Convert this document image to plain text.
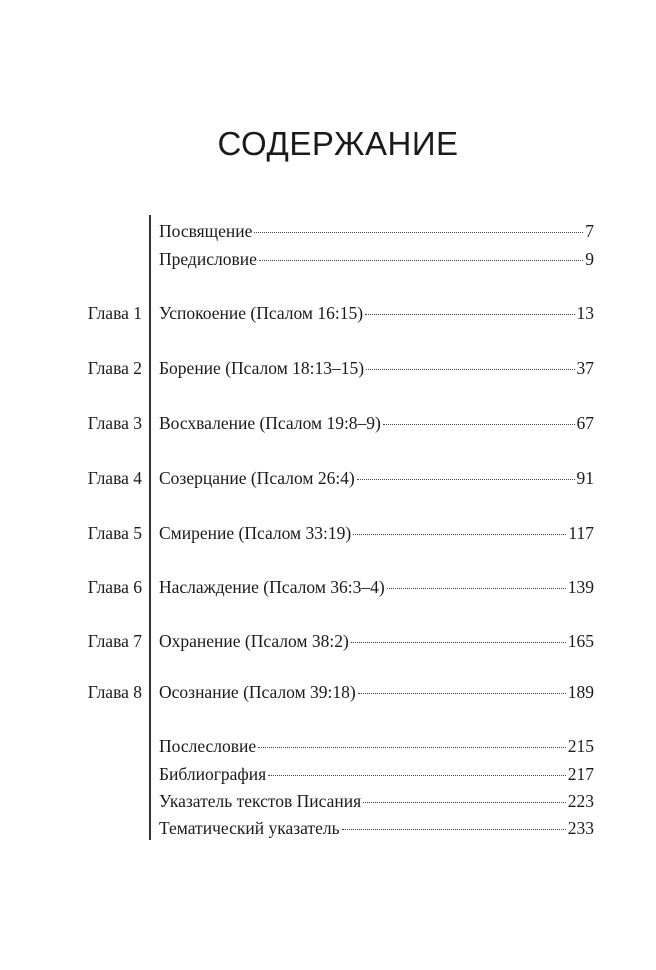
СОДЕРЖАНИЕ
Посвящение	7
Предисловие	9
Глава 1 Успокоение (Псалом 16:15)	13
Глава 2 Борение (Псалом 18:13–15)	37
Глава 3 Восхваление (Псалом 19:8–9)	67
Глава 4 Созерцание (Псалом 26:4)	91
Глава 5 Смирение (Псалом 33:19)	117
Глава 6 Наслаждение (Псалом 36:3–4)	139
Глава 7 Охранение (Псалом 38:2)	165
Глава 8 Осознание (Псалом 39:18)	189
Послесловие	215
Библиография	217
Указатель текстов Писания	223
Тематический указатель	233
